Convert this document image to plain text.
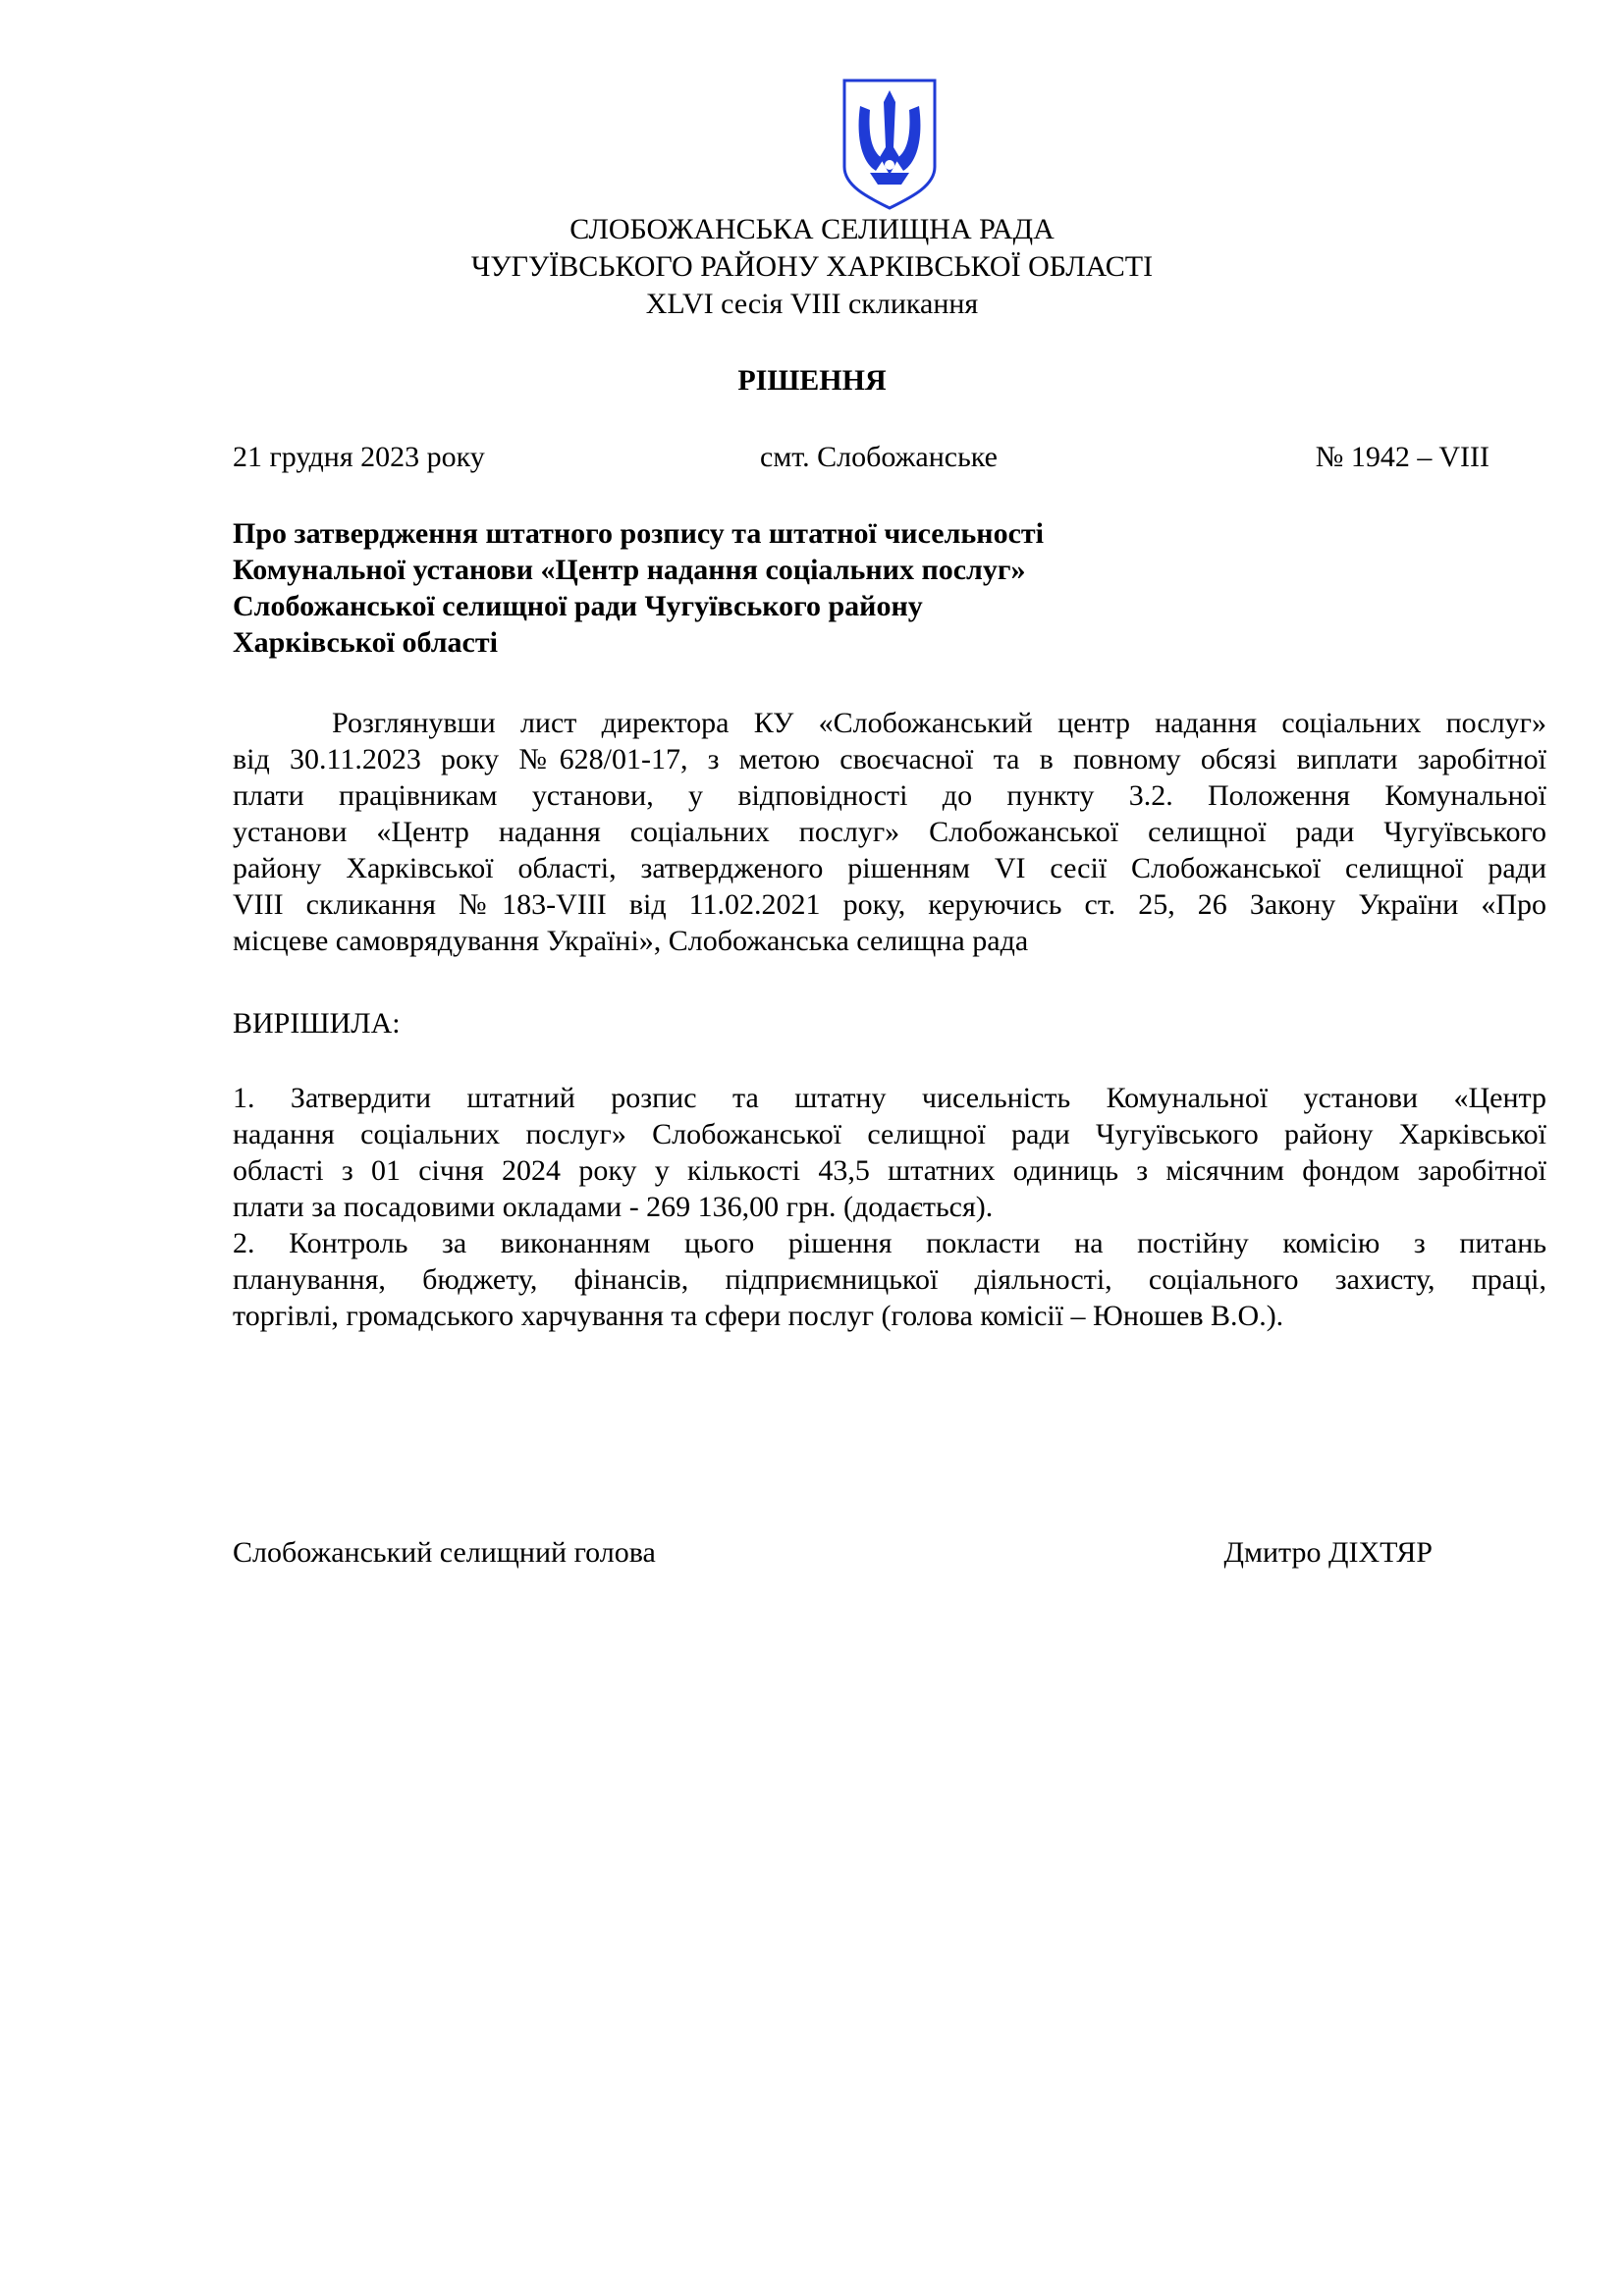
СЛОБОЖАНСЬКА СЕЛИЩНА РАДА
ЧУГУЇВСЬКОГО РАЙОНУ ХАРКІВСЬКОЇ ОБЛАСТІ
XLVI сесія VIII скликання
РІШЕННЯ
21 грудня 2023 року	смт. Слобожанське	№ 1942 – VIII
Про затвердження штатного розпису та штатної чисельності
Комунальної установи «Центр надання соціальних послуг»
Слобожанської селищної ради Чугуївського району
Харківської області
Розглянувши лист директора КУ «Слобожанський центр надання соціальних послуг»
від 30.11.2023 року №628/01-17, з метою своєчасної та в повному обсязі виплати заробітної
плати працівникам установи, у відповідності до пункту 3.2. Положення Комунальної
установи «Центр надання соціальних послуг» Слобожанської селищної ради Чугуївського
району Харківської області, затвердженого рішенням VI сесії Слобожанської селищної ради
VIII скликання №183-VIII від 11.02.2021 року, керуючись ст. 25, 26 Закону України «Про
місцеве самоврядування Україні», Слобожанська селищна рада
ВИРІШИЛА:
1. Затвердити штатний розпис та штатну чисельність Комунальної установи «Центр
надання соціальних послуг» Слобожанської селищної ради Чугуївського району Харківської
області з 01 січня 2024 року у кількості 43,5 штатних одиниць з місячним фондом заробітної
плати за посадовими окладами - 269 136,00 грн. (додається).
2. Контроль за виконанням цього рішення покласти на постійну комісію з питань
планування, бюджету, фінансів, підприємницької діяльності, соціального захисту, праці,
торгівлі, громадського харчування та сфери послуг (голова комісії – Юношев В.О.).
Слобожанський селищний голова	Дмитро ДІХТЯР
